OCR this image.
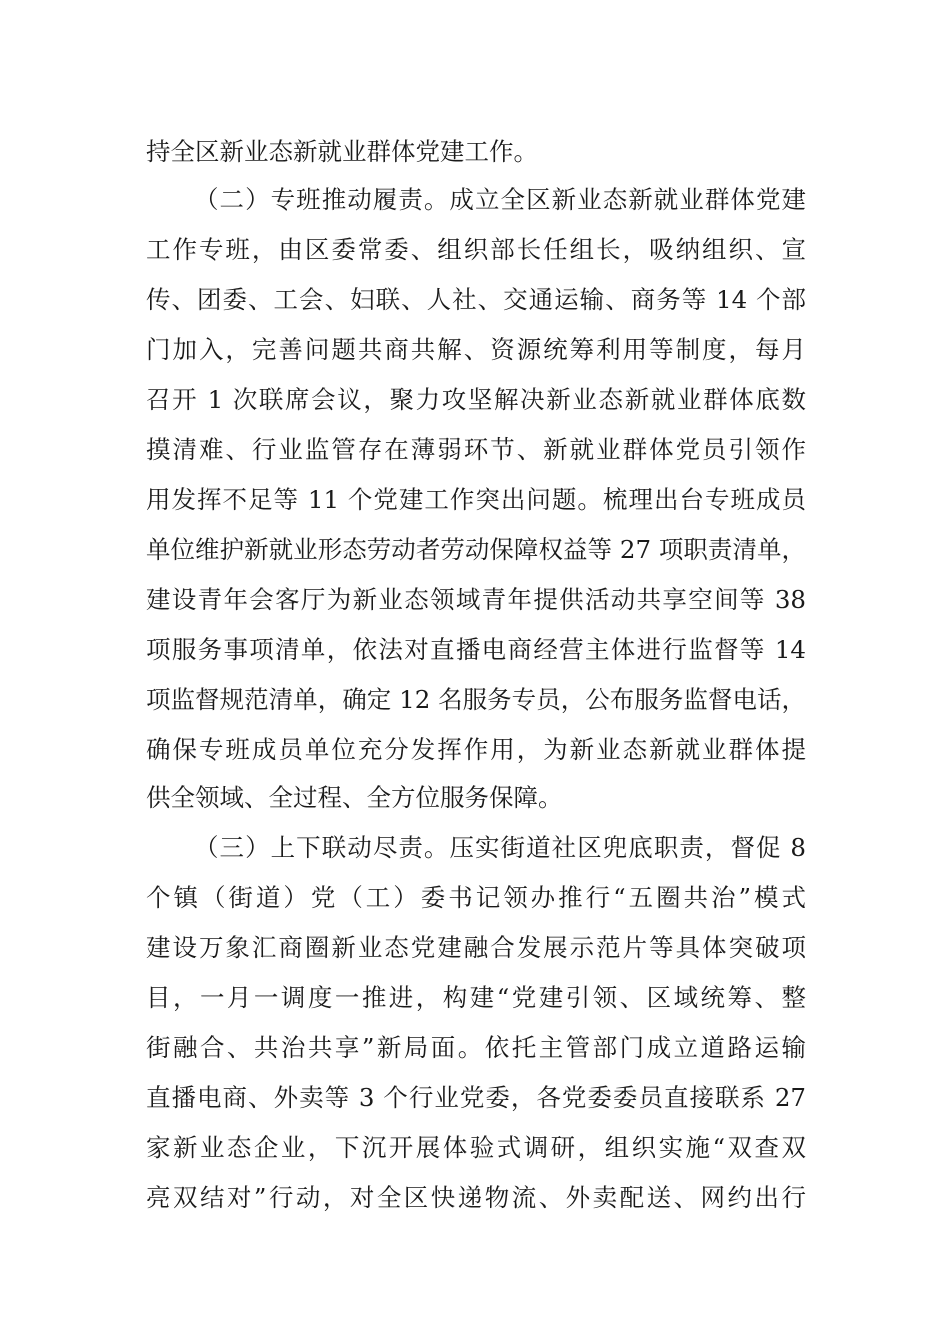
持全区新业态新就业群体党建工作。
（二）专班推动履责。成立全区新业态新就业群体党建
工作专班，由区委常委、组织部长任组长，吸纳组织、宣
传、团委、工会、妇联、人社、交通运输、商务等 14 个部
门加入，完善问题共商共解、资源统筹利用等制度，每月
召开 1 次联席会议，聚力攻坚解决新业态新就业群体底数
摸清难、行业监管存在薄弱环节、新就业群体党员引领作
用发挥不足等 11 个党建工作突出问题。梳理出台专班成员
单位维护新就业形态劳动者劳动保障权益等 27 项职责清单，
建设青年会客厅为新业态领域青年提供活动共享空间等 38
项服务事项清单，依法对直播电商经营主体进行监督等 14
项监督规范清单，确定 12 名服务专员，公布服务监督电话，
确保专班成员单位充分发挥作用，为新业态新就业群体提
供全领域、全过程、全方位服务保障。
（三）上下联动尽责。压实街道社区兜底职责，督促 8
个镇（街道）党（工）委书记领办推行“五圈共治”模式
建设万象汇商圈新业态党建融合发展示范片等具体突破项
目，一月一调度一推进，构建“党建引领、区域统筹、整
街融合、共治共享”新局面。依托主管部门成立道路运输
直播电商、外卖等 3 个行业党委，各党委委员直接联系 27
家新业态企业，下沉开展体验式调研，组织实施“双查双
亮双结对”行动，对全区快递物流、外卖配送、网约出行
